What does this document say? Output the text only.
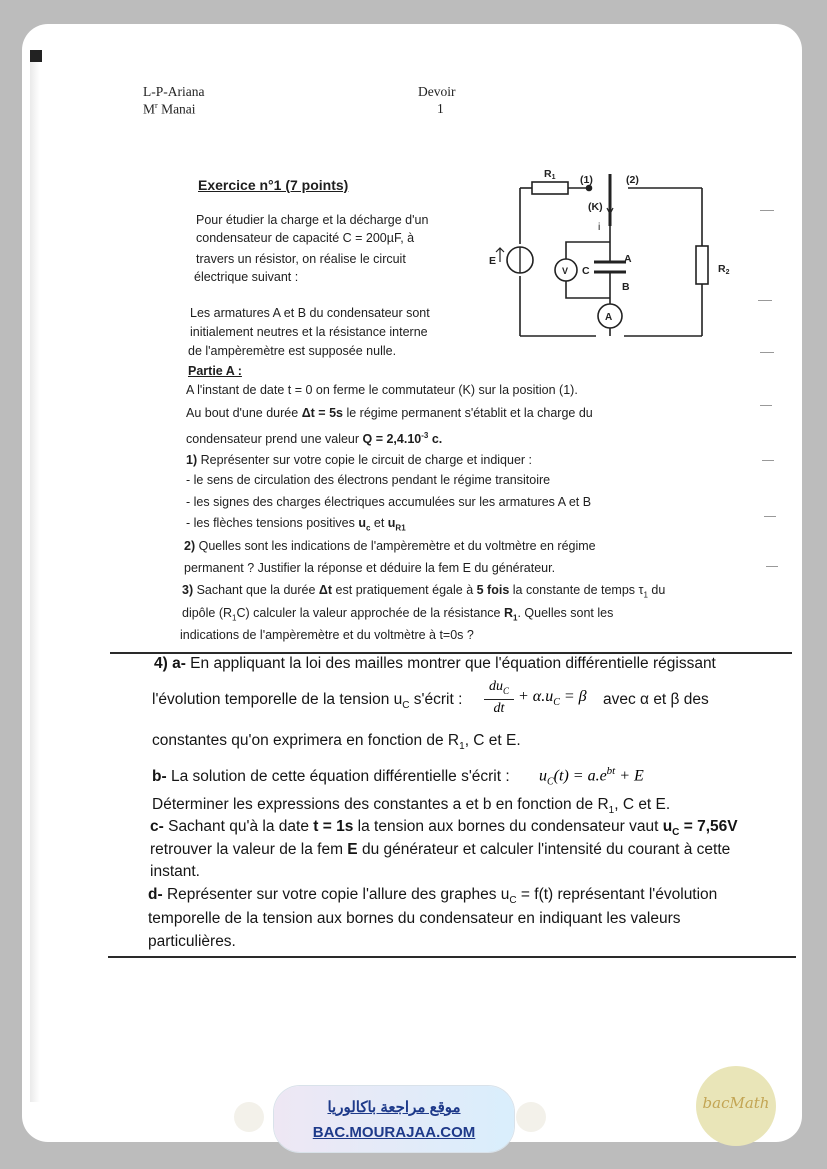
L-P-Ariana
$M^r$ Manai
Devoir
1
Exercice n°1 (7 points)
Pour étudier la charge et la décharge d'un
condensateur de capacité C = 200µF, à
travers un résistor, on réalise le circuit
électrique suivant :
Les armatures A et B du condensateur sont
initialement neutres et la résistance interne
de l'ampèremètre est supposée nulle.
R1 (1)	(2)
(K)
i
E
V C
A
B
A
R2
Partie A :
A l'instant de date t = 0 on ferme le commutateur (K) sur la position (1).
Au bout d'une durée Δt = 5s le régime permanent s'établit et la charge du
condensateur prend une valeur $Q = 2,4.10^{-3}$ c.
1) Représenter sur votre copie le circuit de charge et indiquer :
- le sens de circulation des électrons pendant le régime transitoire
- les signes des charges électriques accumulées sur les armatures A et B
- les flèches tensions positives $u_c$ et $u_{R1}$
2) Quelles sont les indications de l'ampèremètre et du voltmètre en régime
permanent ? Justifier la réponse et déduire la fem E du générateur.
3) Sachant que la durée Δt est pratiquement égale à 5 fois la constante de temps $\tau_1$ du
dipôle $(R_1C)$ calculer la valeur approchée de la résistance $R_1$. Quelles sont les
indications de l'ampèremètre et du voltmètre à t=0s ?
4) a- En appliquant la loi des mailles montrer que l'équation différentielle régissant
l'évolution temporelle de la tension $u_C$ s'écrit :
$du_C$
dt
+ $\alpha.u_C = \beta$ avec α et β des
constantes qu'on exprimera en fonction de $R_1$, C et E.
b- La solution de cette équation différentielle s'écrit : $u_C(t) = a.e^{bt} + E$
Déterminer les expressions des constantes a et b en fonction de $R_1$, C et E.
c- Sachant qu'à la date t = 1s la tension aux bornes du condensateur vaut $u_C = 7,56V$
retrouver la valeur de la fem E du générateur et calculer l'intensité du courant à cette
instant.
d- Représenter sur votre copie l'allure des graphes $u_C = f(t)$ représentant l'évolution
temporelle de la tension aux bornes du condensateur en indiquant les valeurs
particulières.
موقع مراجعة باكالوريا
BAC.MOURAJAA.COM
bacMath
